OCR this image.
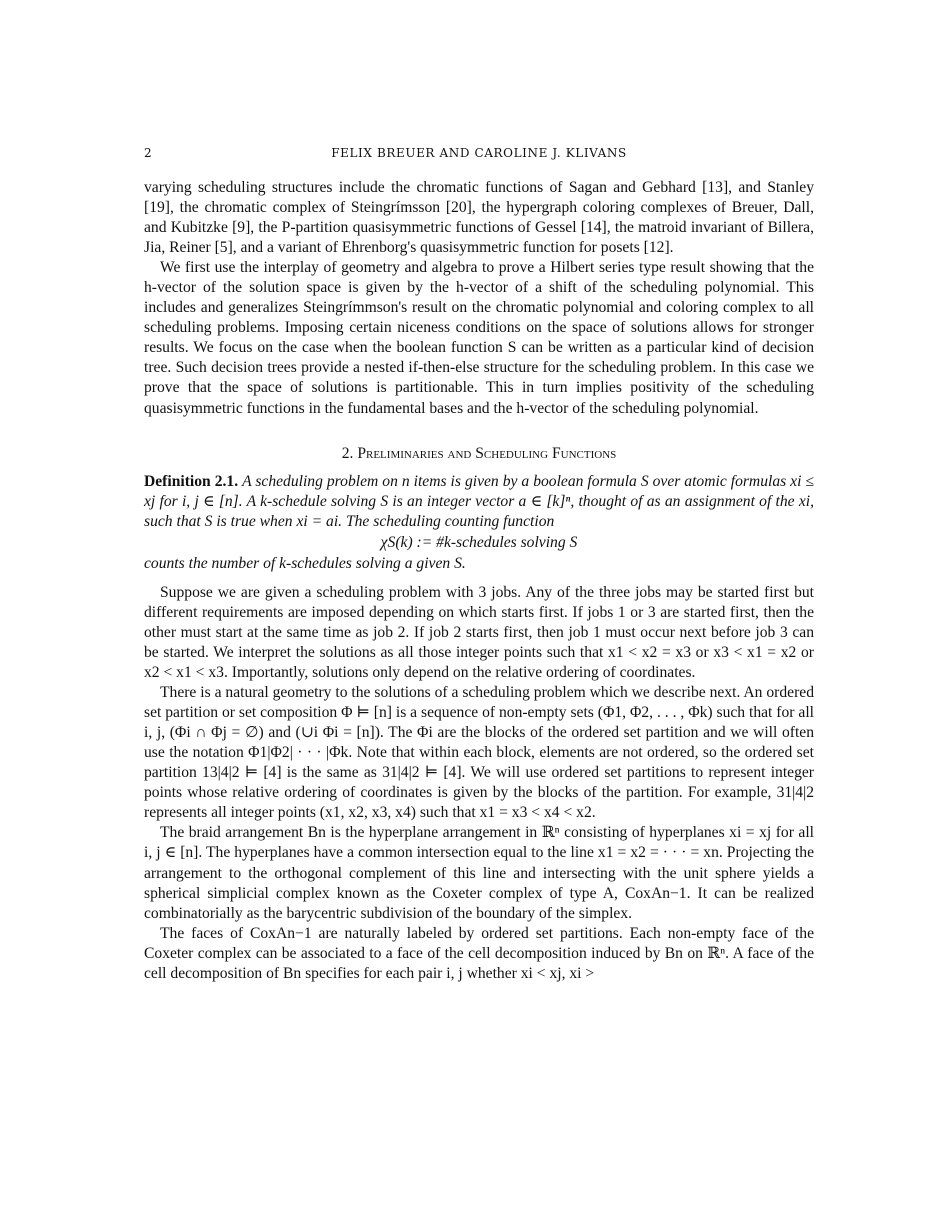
2	FELIX BREUER AND CAROLINE J. KLIVANS

varying scheduling structures include the chromatic functions of Sagan and Gebhard [13], and Stanley [19], the chromatic complex of Steingrímsson [20], the hypergraph coloring complexes of Breuer, Dall, and Kubitzke [9], the P-partition quasisymmetric functions of Gessel [14], the matroid invariant of Billera, Jia, Reiner [5], and a variant of Ehrenborg's quasisymmetric function for posets [12].

We first use the interplay of geometry and algebra to prove a Hilbert series type result showing that the h-vector of the solution space is given by the h-vector of a shift of the scheduling polynomial. This includes and generalizes Steingrímmson's result on the chromatic polynomial and coloring complex to all scheduling problems. Imposing certain niceness conditions on the space of solutions allows for stronger results. We focus on the case when the boolean function S can be written as a particular kind of decision tree. Such decision trees provide a nested if-then-else structure for the scheduling problem. In this case we prove that the space of solutions is partitionable. This in turn implies positivity of the scheduling quasisymmetric functions in the fundamental bases and the h-vector of the scheduling polynomial.

2. Preliminaries and Scheduling Functions

Definition 2.1. A scheduling problem on n items is given by a boolean formula S over atomic formulas xi ≤ xj for i, j ∈ [n]. A k-schedule solving S is an integer vector a ∈ [k]ⁿ, thought of as an assignment of the xi, such that S is true when xi = ai. The scheduling counting function

χS(k) := #k-schedules solving S

counts the number of k-schedules solving a given S.

Suppose we are given a scheduling problem with 3 jobs. Any of the three jobs may be started first but different requirements are imposed depending on which starts first. If jobs 1 or 3 are started first, then the other must start at the same time as job 2. If job 2 starts first, then job 1 must occur next before job 3 can be started. We interpret the solutions as all those integer points such that x1 < x2 = x3 or x3 < x1 = x2 or x2 < x1 < x3. Importantly, solutions only depend on the relative ordering of coordinates.

There is a natural geometry to the solutions of a scheduling problem which we describe next. An ordered set partition or set composition Φ ⊨ [n] is a sequence of non-empty sets (Φ1, Φ2, . . . , Φk) such that for all i, j, (Φi ∩ Φj = ∅) and (∪i Φi = [n]). The Φi are the blocks of the ordered set partition and we will often use the notation Φ1|Φ2| · · · |Φk. Note that within each block, elements are not ordered, so the ordered set partition 13|4|2 ⊨ [4] is the same as 31|4|2 ⊨ [4]. We will use ordered set partitions to represent integer points whose relative ordering of coordinates is given by the blocks of the partition. For example, 31|4|2 represents all integer points (x1, x2, x3, x4) such that x1 = x3 < x4 < x2.

The braid arrangement Bn is the hyperplane arrangement in ℝⁿ consisting of hyperplanes xi = xj for all i, j ∈ [n]. The hyperplanes have a common intersection equal to the line x1 = x2 = · · · = xn. Projecting the arrangement to the orthogonal complement of this line and intersecting with the unit sphere yields a spherical simplicial complex known as the Coxeter complex of type A, CoxAn−1. It can be realized combinatorially as the barycentric subdivision of the boundary of the simplex.

The faces of CoxAn−1 are naturally labeled by ordered set partitions. Each non-empty face of the Coxeter complex can be associated to a face of the cell decomposition induced by Bn on ℝⁿ. A face of the cell decomposition of Bn specifies for each pair i, j whether xi < xj, xi >
